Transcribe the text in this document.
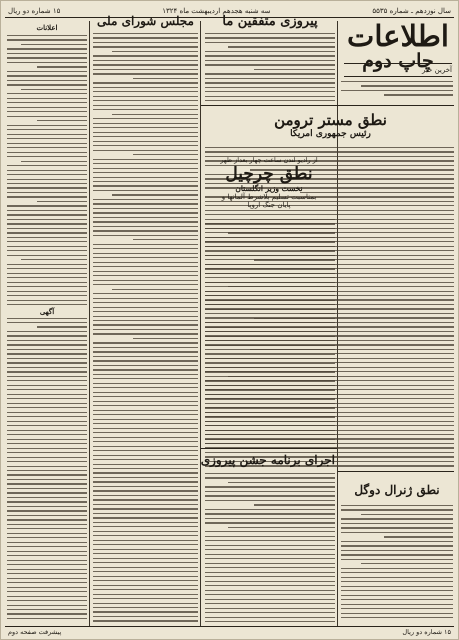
سال نوزدهم ـ شماره ۵۵۳۵
سه شنبه هجدهم اردیبهشت ماه ۱۳۲۴
۱۵ شماره دو ریال
اطلاعات
چاپ دوم
آخرین خبر
نطق مستر ترومن
رئیس جمهوری امریکا
نطق ژنرال دوگل
پیروزی متفقین ما
از رادیو لندن ساعت چهار بعداز ظهر
نطق چرچیل
نخست وزیر انگلستان
بمناسبت تسلیم بلاشرط آلمانها و
پایان جنگ اروپا
اجرای برنامه جشن پیروزی
مجلس شورای ملی
اعلانات
آگهی
۱۵ شماره دو ریال
پیشرفت صفحه دوم
